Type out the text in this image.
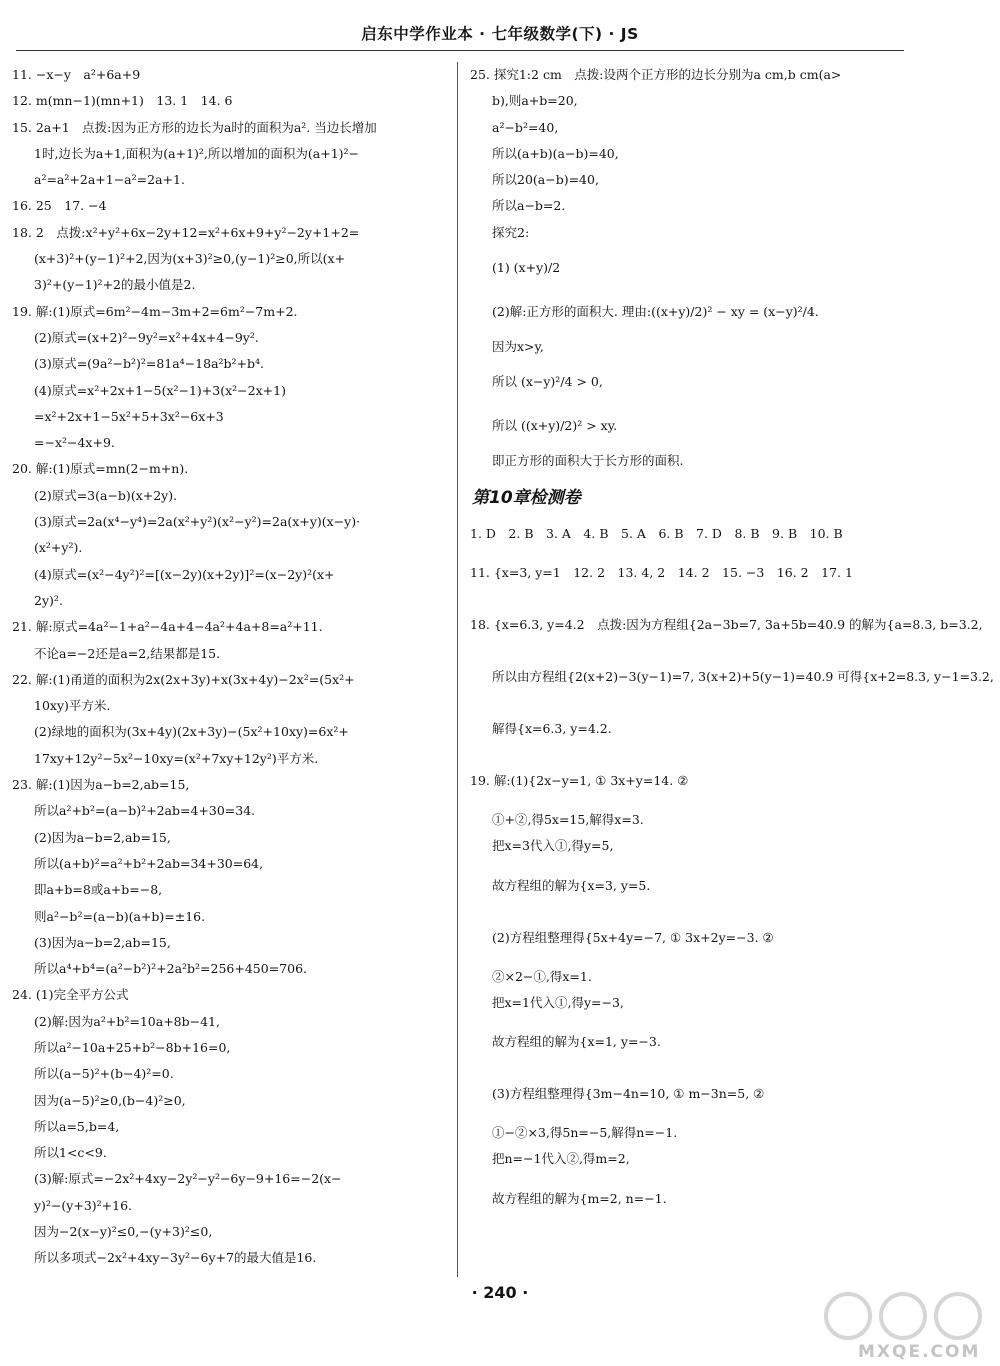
启东中学作业本 · 七年级数学(下) · JS
11. −x−y　a²+6a+9
12. m(mn−1)(mn+1)　13. 1　14. 6
15. 2a+1　点拨:因为正方形的边长为a时的面积为a². 当边长增加
1时,边长为a+1,面积为(a+1)²,所以增加的面积为(a+1)²−
a²=a²+2a+1−a²=2a+1.
16. 25　17. −4
18. 2　点拨:x²+y²+6x−2y+12=x²+6x+9+y²−2y+1+2=
(x+3)²+(y−1)²+2,因为(x+3)²≥0,(y−1)²≥0,所以(x+
3)²+(y−1)²+2的最小值是2.
19. 解:(1)原式=6m²−4m−3m+2=6m²−7m+2.
(2)原式=(x+2)²−9y²=x²+4x+4−9y².
(3)原式=(9a²−b²)²=81a⁴−18a²b²+b⁴.
(4)原式=x²+2x+1−5(x²−1)+3(x²−2x+1)
=x²+2x+1−5x²+5+3x²−6x+3
=−x²−4x+9.
20. 解:(1)原式=mn(2−m+n).
(2)原式=3(a−b)(x+2y).
(3)原式=2a(x⁴−y⁴)=2a(x²+y²)(x²−y²)=2a(x+y)(x−y)·
(x²+y²).
(4)原式=(x²−4y²)²=[(x−2y)(x+2y)]²=(x−2y)²(x+
2y)².
21. 解:原式=4a²−1+a²−4a+4−4a²+4a+8=a²+11.
不论a=−2还是a=2,结果都是15.
22. 解:(1)甬道的面积为2x(2x+3y)+x(3x+4y)−2x²=(5x²+
10xy)平方米.
(2)绿地的面积为(3x+4y)(2x+3y)−(5x²+10xy)=6x²+
17xy+12y²−5x²−10xy=(x²+7xy+12y²)平方米.
23. 解:(1)因为a−b=2,ab=15,
所以a²+b²=(a−b)²+2ab=4+30=34.
(2)因为a−b=2,ab=15,
所以(a+b)²=a²+b²+2ab=34+30=64,
即a+b=8或a+b=−8,
则a²−b²=(a−b)(a+b)=±16.
(3)因为a−b=2,ab=15,
所以a⁴+b⁴=(a²−b²)²+2a²b²=256+450=706.
24. (1)完全平方公式
(2)解:因为a²+b²=10a+8b−41,
所以a²−10a+25+b²−8b+16=0,
所以(a−5)²+(b−4)²=0.
因为(a−5)²≥0,(b−4)²≥0,
所以a=5,b=4,
所以1<c<9.
(3)解:原式=−2x²+4xy−2y²−y²−6y−9+16=−2(x−
y)²−(y+3)²+16.
因为−2(x−y)²≤0,−(y+3)²≤0,
所以多项式−2x²+4xy−3y²−6y+7的最大值是16.
25. 探究1:2 cm　点拨:设两个正方形的边长分别为a cm,b cm(a>
b),则a+b=20,
a²−b²=40,
所以(a+b)(a−b)=40,
所以20(a−b)=40,
所以a−b=2.
探究2:
(1) (x+y)/2
(2)解:正方形的面积大. 理由:((x+y)/2)² − xy = (x−y)²/4.
因为x>y,
所以 (x−y)²/4 > 0,
所以 ((x+y)/2)² > xy.
即正方形的面积大于长方形的面积.
第10章检测卷
1. D　2. B　3. A　4. B　5. A　6. B　7. D　8. B　9. B　10. B
11. {x=3, y=1　12. 2　13. 4, 2　14. 2　15. −3　16. 2　17. 1
18. {x=6.3, y=4.2　点拨:因为方程组{2a−3b=7, 3a+5b=40.9 的解为{a=8.3, b=3.2,
所以由方程组{2(x+2)−3(y−1)=7, 3(x+2)+5(y−1)=40.9 可得{x+2=8.3, y−1=3.2,
解得{x=6.3, y=4.2.
19. 解:(1){2x−y=1, ① 3x+y=14. ②
①+②,得5x=15,解得x=3.
把x=3代入①,得y=5,
故方程组的解为{x=3, y=5.
(2)方程组整理得{5x+4y=−7, ① 3x+2y=−3. ②
②×2−①,得x=1.
把x=1代入①,得y=−3,
故方程组的解为{x=1, y=−3.
(3)方程组整理得{3m−4n=10, ① m−3n=5, ②
①−②×3,得5n=−5,解得n=−1.
把n=−1代入②,得m=2,
故方程组的解为{m=2, n=−1.
· 240 ·
MXQE.COM
